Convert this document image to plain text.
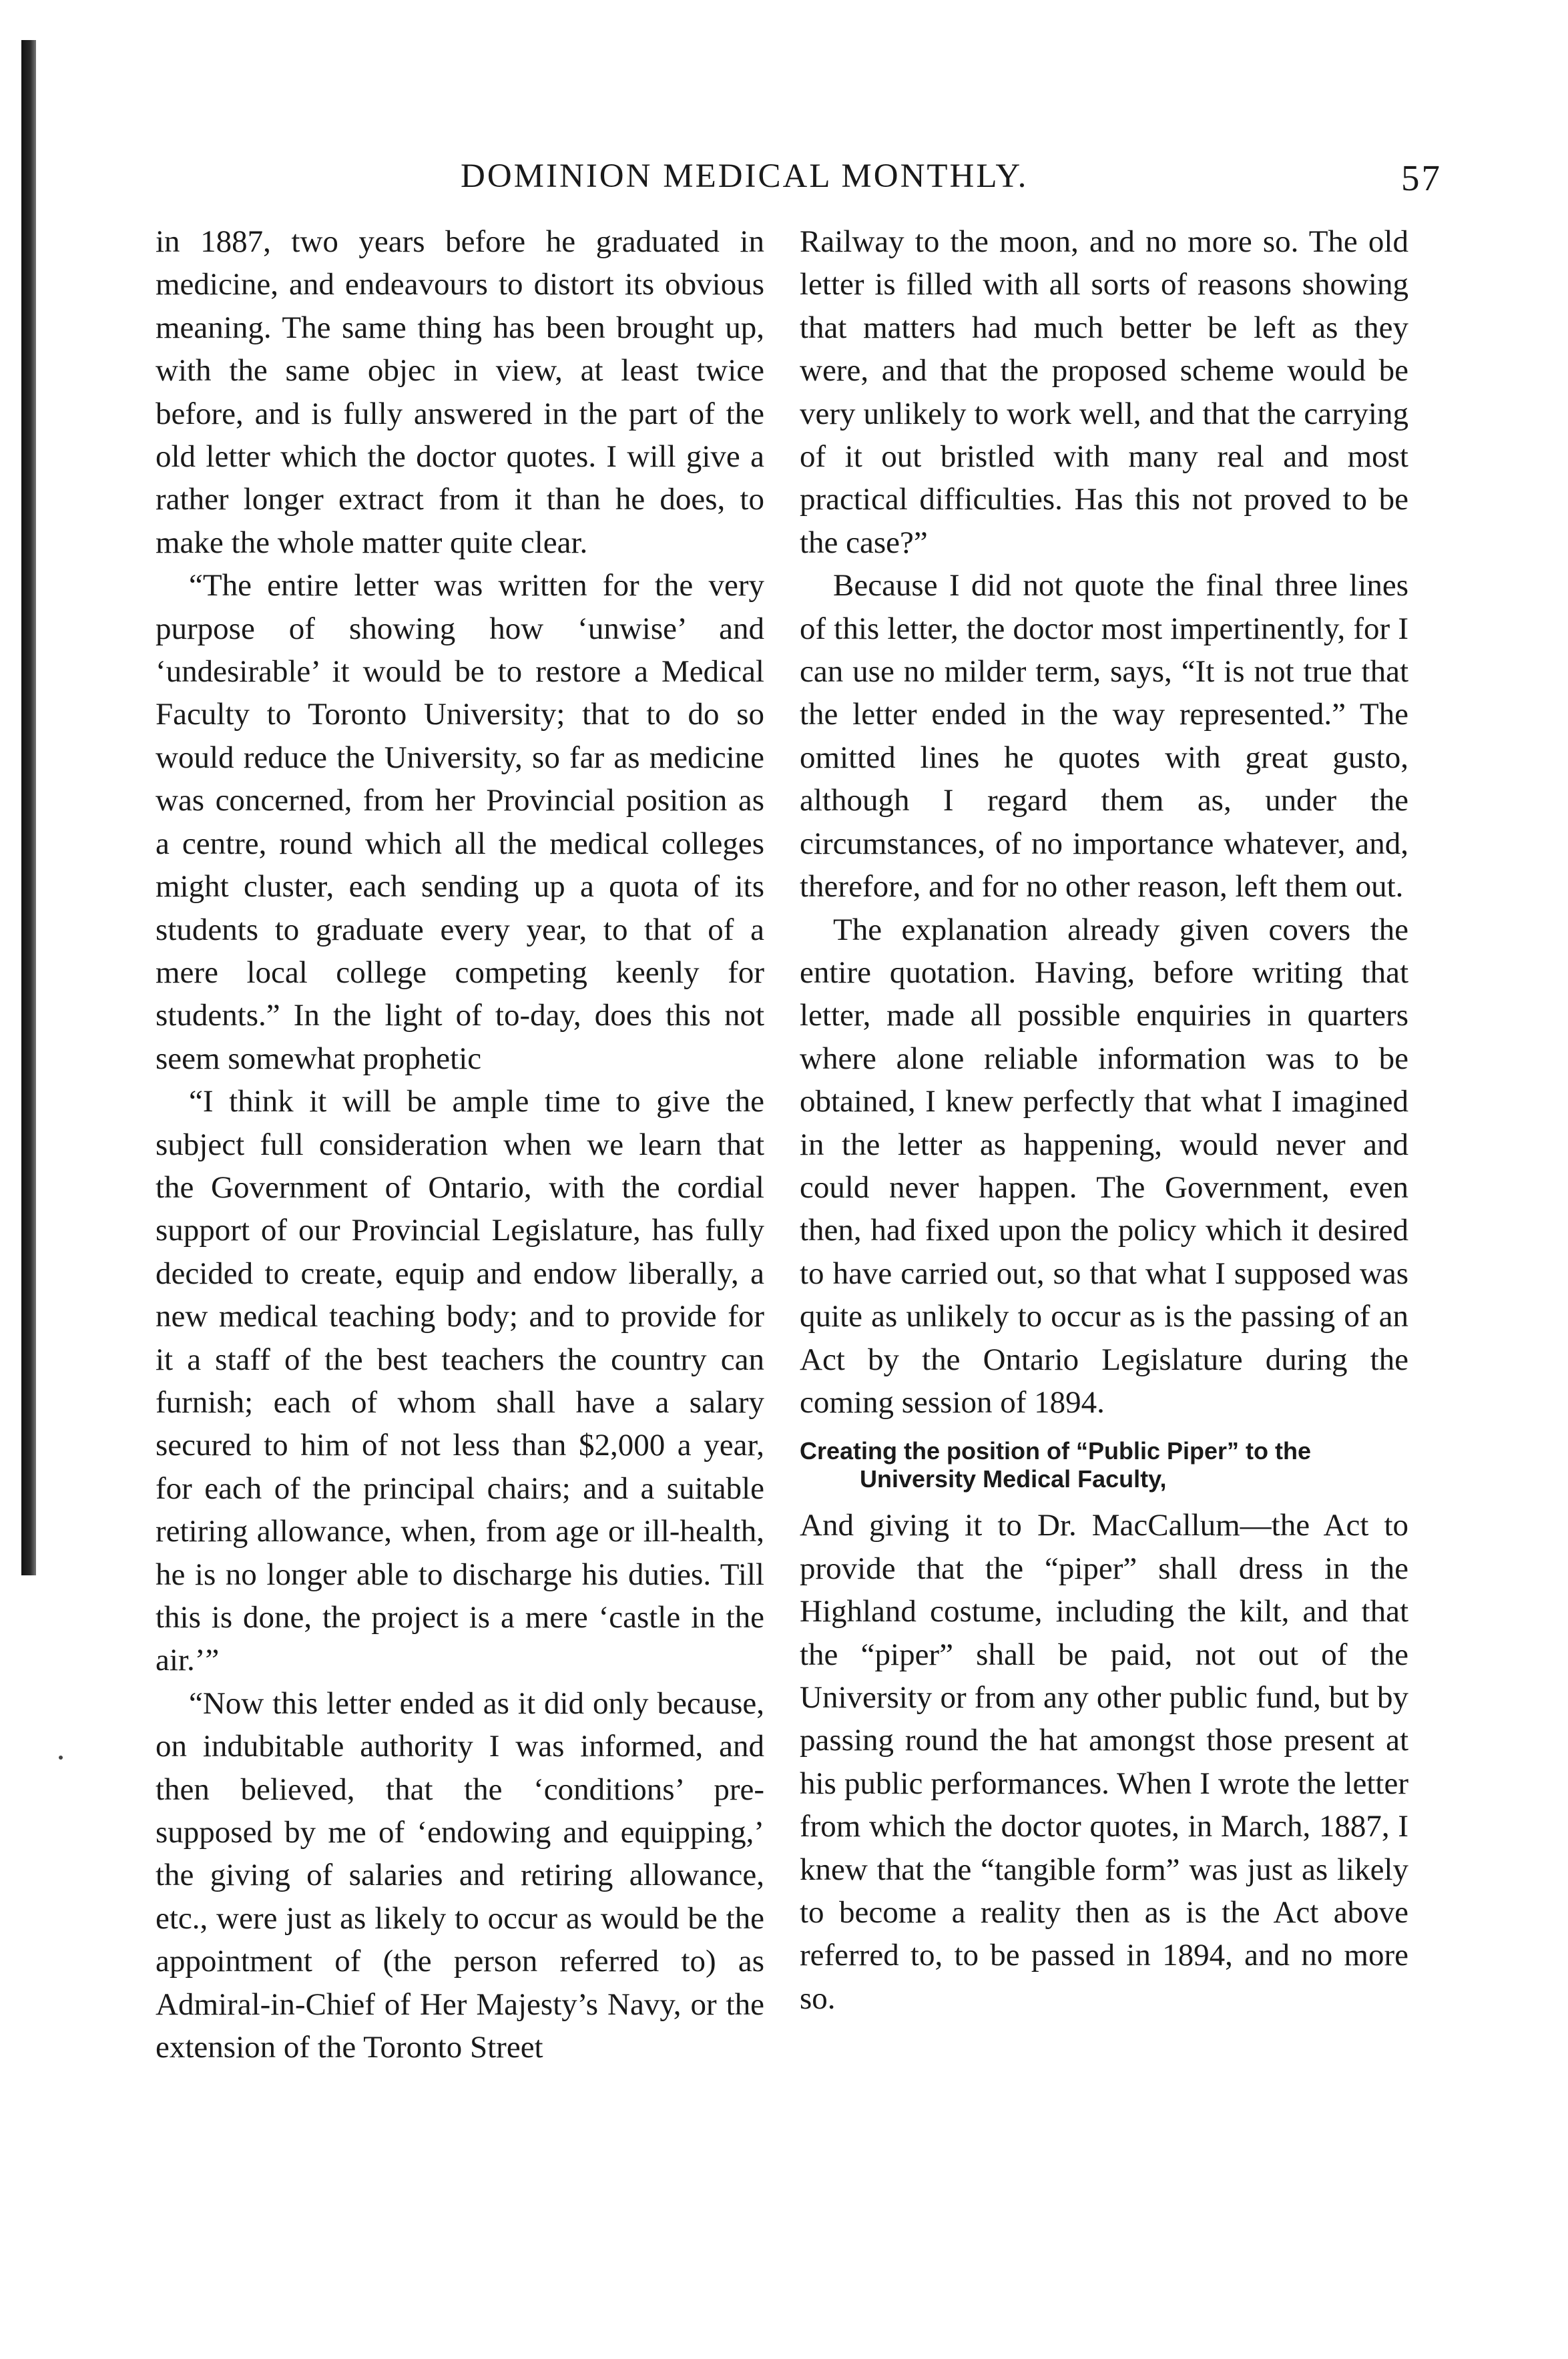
DOMINION MEDICAL MONTHLY.	57

in 1887, two years before he graduated in medicine, and endeavours to distort its obvious meaning. The same thing has been brought up, with the same objec in view, at least twice before, and is fully answered in the part of the old letter which the doctor quotes. I will give a rather longer extract from it than he does, to make the whole matter quite clear.

“The entire letter was written for the very purpose of showing how ‘unwise’ and ‘undesirable’ it would be to restore a Medical Faculty to Toronto University; that to do so would reduce the University, so far as medicine was concerned, from her Provincial position as a centre, round which all the medical colleges might cluster, each sending up a quota of its students to graduate every year, to that of a mere local college competing keenly for students.” In the light of to-day, does this not seem somewhat prophetic

“I think it will be ample time to give the subject full consideration when we learn that the Government of Ontario, with the cordial support of our Provincial Legislature, has fully decided to create, equip and endow liberally, a new medical teaching body; and to provide for it a staff of the best teachers the country can furnish; each of whom shall have a salary secured to him of not less than $2,000 a year, for each of the principal chairs; and a suitable retiring allowance, when, from age or ill-health, he is no longer able to discharge his duties. Till this is done, the project is a mere ‘castle in the air.’”

“Now this letter ended as it did only because, on indubitable authority I was informed, and then believed, that the ‘conditions’ pre-supposed by me of ‘endowing and equipping,’ the giving of salaries and retiring allowance, etc., were just as likely to occur as would be the appointment of (the person referred to) as Admiral-in-Chief of Her Majesty’s Navy, or the extension of the Toronto Street

Railway to the moon, and no more so. The old letter is filled with all sorts of reasons showing that matters had much better be left as they were, and that the proposed scheme would be very unlikely to work well, and that the carrying of it out bristled with many real and most practical difficulties. Has this not proved to be the case?”

Because I did not quote the final three lines of this letter, the doctor most impertinently, for I can use no milder term, says, “It is not true that the letter ended in the way represented.” The omitted lines he quotes with great gusto, although I regard them as, under the circumstances, of no importance whatever, and, therefore, and for no other reason, left them out.

The explanation already given covers the entire quotation. Having, before writing that letter, made all possible enquiries in quarters where alone reliable information was to be obtained, I knew perfectly that what I imagined in the letter as happening, would never and could never happen. The Government, even then, had fixed upon the policy which it desired to have carried out, so that what I supposed was quite as unlikely to occur as is the passing of an Act by the Ontario Legislature during the coming session of 1894.

Creating the position of “Public Piper” to the University Medical Faculty,

And giving it to Dr. MacCallum—the Act to provide that the “piper” shall dress in the Highland costume, including the kilt, and that the “piper” shall be paid, not out of the University or from any other public fund, but by passing round the hat amongst those present at his public performances. When I wrote the letter from which the doctor quotes, in March, 1887, I knew that the “tangible form” was just as likely to become a reality then as is the Act above referred to, to be passed in 1894, and no more so.
